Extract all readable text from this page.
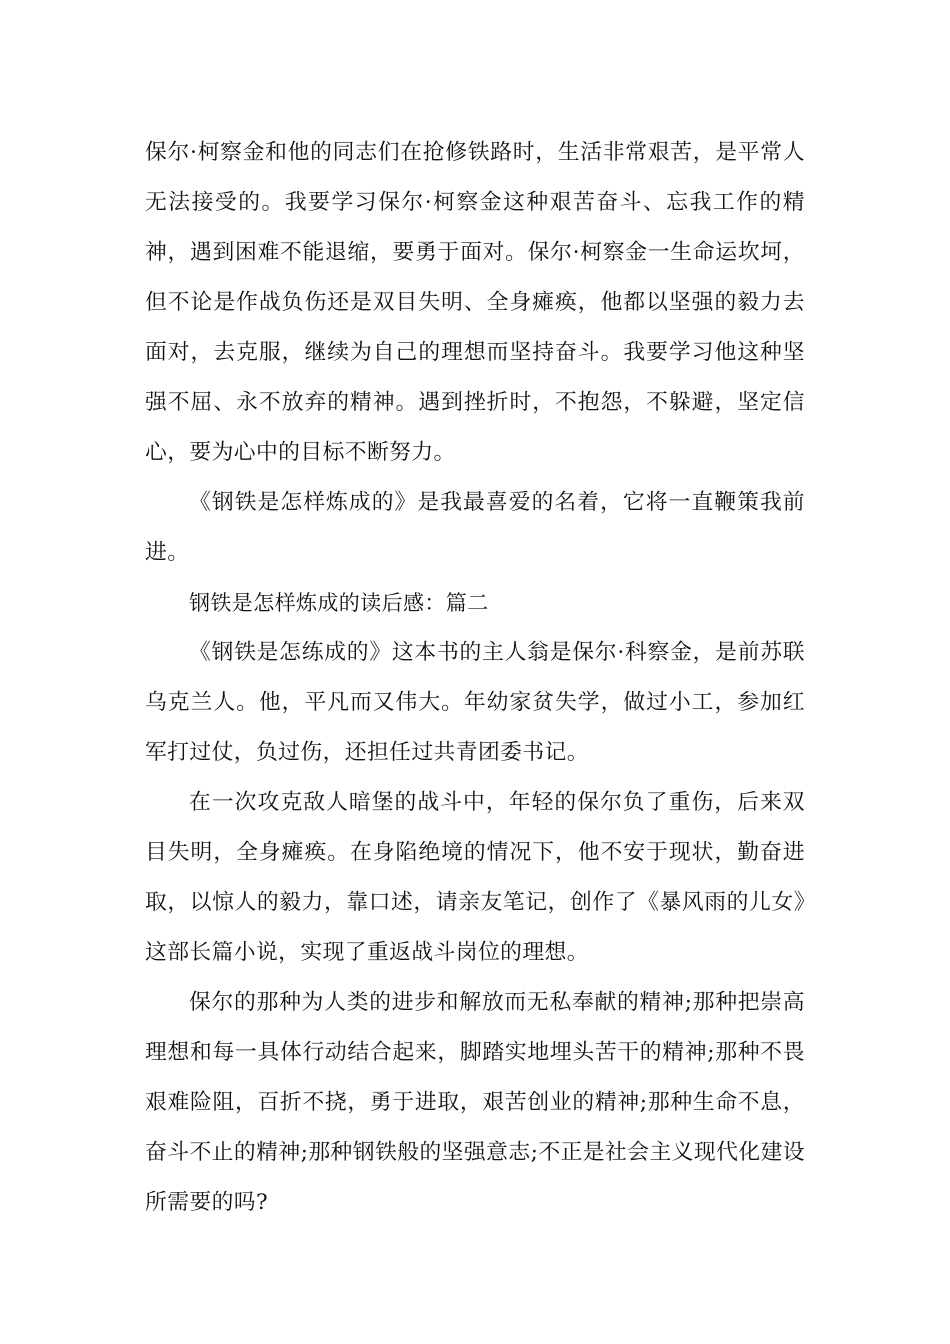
保尔·柯察金和他的同志们在抢修铁路时，生活非常艰苦，是平常人无法接受的。我要学习保尔·柯察金这种艰苦奋斗、忘我工作的精神，遇到困难不能退缩，要勇于面对。保尔·柯察金一生命运坎坷，但不论是作战负伤还是双目失明、全身瘫痪，他都以坚强的毅力去面对，去克服，继续为自己的理想而坚持奋斗。我要学习他这种坚强不屈、永不放弃的精神。遇到挫折时，不抱怨，不躲避，坚定信心，要为心中的目标不断努力。

《钢铁是怎样炼成的》是我最喜爱的名着，它将一直鞭策我前进。

钢铁是怎样炼成的读后感：篇二

《钢铁是怎练成的》这本书的主人翁是保尔·科察金，是前苏联乌克兰人。他，平凡而又伟大。年幼家贫失学，做过小工，参加红军打过仗，负过伤，还担任过共青团委书记。

在一次攻克敌人暗堡的战斗中，年轻的保尔负了重伤，后来双目失明，全身瘫痪。在身陷绝境的情况下，他不安于现状，勤奋进取，以惊人的毅力，靠口述，请亲友笔记，创作了《暴风雨的儿女》这部长篇小说，实现了重返战斗岗位的理想。

保尔的那种为人类的进步和解放而无私奉献的精神;那种把崇高理想和每一具体行动结合起来，脚踏实地埋头苦干的精神;那种不畏艰难险阻，百折不挠，勇于进取，艰苦创业的精神;那种生命不息，奋斗不止的精神;那种钢铁般的坚强意志;不正是社会主义现代化建设所需要的吗?
